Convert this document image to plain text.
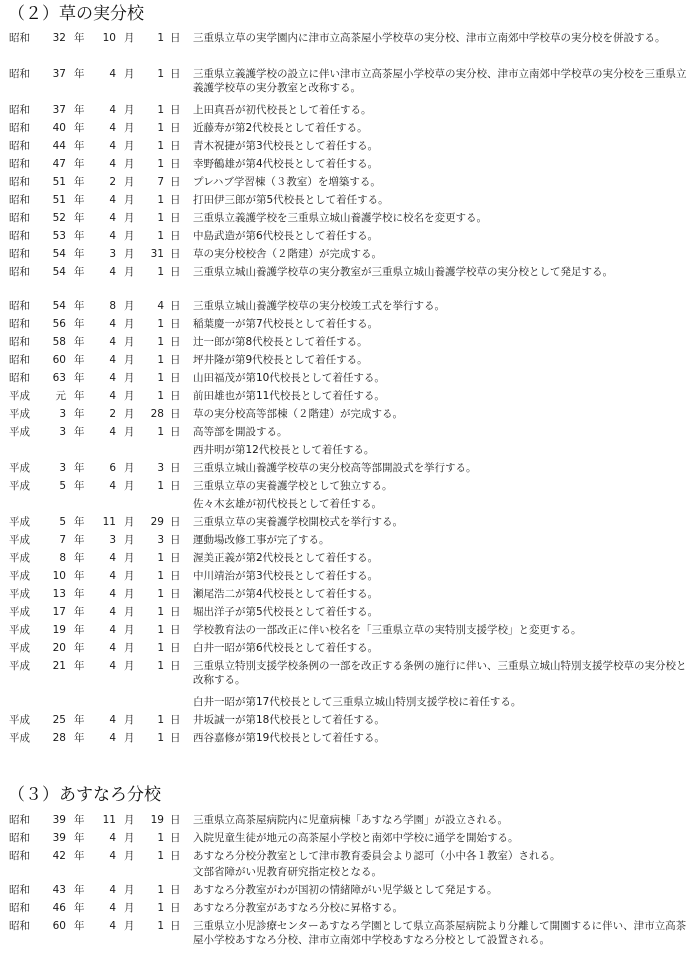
（２）草の実分校
昭和	32 年	10 月	1 日 三重県立草の実学園内に津市立高茶屋小学校草の実分校、津市立南郊中学校草の実分校を併設する。
昭和	37 年	4 月	1 日 三重県立義護学校の設立に伴い津市立高茶屋小学校草の実分校、津市立南郊中学校草の実分校を三重県立義護学校草の実分教室と改称する。
昭和	37 年	4 月	1 日 上田真吾が初代校長として着任する。
昭和	40 年	4 月	1 日 近藤寿が第2代校長として着任する。
昭和	44 年	4 月	1 日 青木祝捷が第3代校長として着任する。
昭和	47 年	4 月	1 日 幸野鶴雄が第4代校長として着任する。
昭和	51 年	2 月	7 日 プレハブ学習棟（３教室）を増築する。
昭和	51 年	4 月	1 日 打田伊三郎が第5代校長として着任する。
昭和	52 年	4 月	1 日 三重県立義護学校を三重県立城山養護学校に校名を変更する。
昭和	53 年	4 月	1 日 中島武造が第6代校長として着任する。
昭和	54 年	3 月	31 日 草の実分校校舎（２階建）が完成する。
昭和	54 年	4 月	1 日 三重県立城山養護学校草の実分教室が三重県立城山養護学校草の実分校として発足する。
昭和	54 年	8 月	4 日 三重県立城山養護学校草の実分校竣工式を挙行する。
昭和	56 年	4 月	1 日 稲葉慶一が第7代校長として着任する。
昭和	58 年	4 月	1 日 辻一郎が第8代校長として着任する。
昭和	60 年	4 月	1 日 坪井隆が第9代校長として着任する。
昭和	63 年	4 月	1 日 山田福茂が第10代校長として着任する。
平成	元 年	4 月	1 日 前田雄也が第11代校長として着任する。
平成	3 年	2 月	28 日 草の実分校高等部棟（２階建）が完成する。
平成	3 年	4 月	1 日 高等部を開設する。
西井明が第12代校長として着任する。
平成	3 年	6 月	3 日 三重県立城山養護学校草の実分校高等部開設式を挙行する。
平成	5 年	4 月	1 日 三重県立草の実養護学校として独立する。
佐々木玄雄が初代校長として着任する。
平成	5 年	11 月	29 日 三重県立草の実養護学校開校式を挙行する。
平成	7 年	3 月	3 日 運動場改修工事が完了する。
平成	8 年	4 月	1 日 渥美正義が第2代校長として着任する。
平成	10 年	4 月	1 日 中川靖治が第3代校長として着任する。
平成	13 年	4 月	1 日 瀬尾浩二が第4代校長として着任する。
平成	17 年	4 月	1 日 堀出洋子が第5代校長として着任する。
平成	19 年	4 月	1 日 学校教育法の一部改正に伴い校名を「三重県立草の実特別支援学校」と変更する。
平成	20 年	4 月	1 日 白井一昭が第6代校長として着任する。
平成	21 年	4 月	1 日 三重県立特別支援学校条例の一部を改正する条例の施行に伴い、三重県立城山特別支援学校草の実分校と改称する。
白井一昭が第17代校長として三重県立城山特別支援学校に着任する。
平成	25 年	4 月	1 日 井坂誠一が第18代校長として着任する。
平成	28 年	4 月	1 日 西谷嘉修が第19代校長として着任する。
（３）あすなろ分校
昭和	39 年	11 月	19 日 三重県立高茶屋病院内に児童病棟「あすなろ学園」が設立される。
昭和	39 年	4 月	1 日 入院児童生徒が地元の高茶屋小学校と南郊中学校に通学を開始する。
昭和	42 年	4 月	1 日 あすなろ分校分教室として津市教育委員会より認可（小中各１教室）される。
文部省障がい児教育研究指定校となる。
昭和	43 年	4 月	1 日 あすなろ分教室がわが国初の情緒障がい児学級として発足する。
昭和	46 年	4 月	1 日 あすなろ分教室があすなろ分校に昇格する。
昭和	60 年	4 月	1 日 三重県立小児診療センターあすなろ学園として県立高茶屋病院より分離して開園するに伴い、津市立高茶屋小学校あすなろ分校、津市立南郊中学校あすなろ分校として設置される。
